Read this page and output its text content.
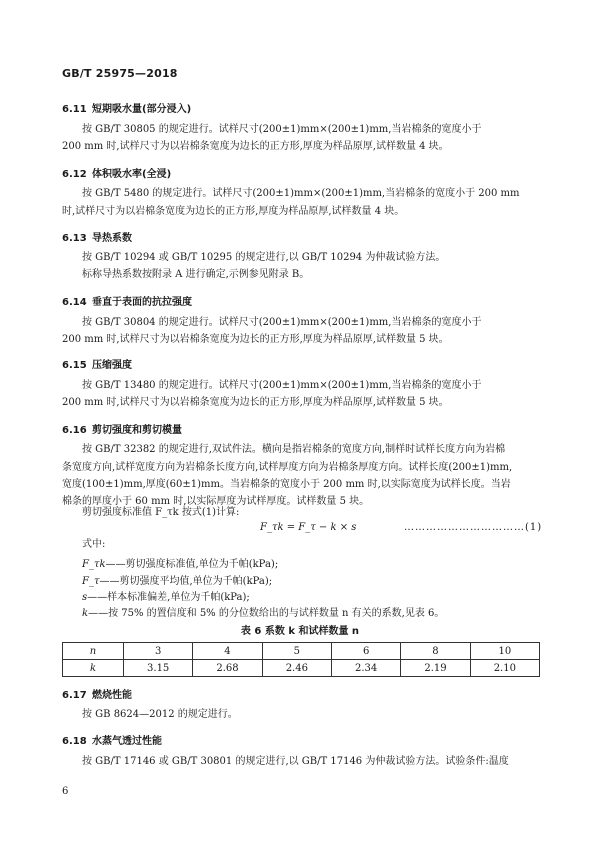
GB/T 25975—2018
6.11 短期吸水量(部分浸入)
按 GB/T 30805 的规定进行。试样尺寸(200±1)mm×(200±1)mm,当岩棉条的宽度小于
200 mm 时,试样尺寸为以岩棉条宽度为边长的正方形,厚度为样品原厚,试样数量 4 块。
6.12 体积吸水率(全浸)
按 GB/T 5480 的规定进行。试样尺寸(200±1)mm×(200±1)mm,当岩棉条的宽度小于 200 mm
时,试样尺寸为以岩棉条宽度为边长的正方形,厚度为样品原厚,试样数量 4 块。
6.13 导热系数
按 GB/T 10294 或 GB/T 10295 的规定进行,以 GB/T 10294 为仲裁试验方法。
标称导热系数按附录 A 进行确定,示例参见附录 B。
6.14 垂直于表面的抗拉强度
按 GB/T 30804 的规定进行。试样尺寸(200±1)mm×(200±1)mm,当岩棉条的宽度小于
200 mm 时,试样尺寸为以岩棉条宽度为边长的正方形,厚度为样品原厚,试样数量 5 块。
6.15 压缩强度
按 GB/T 13480 的规定进行。试样尺寸(200±1)mm×(200±1)mm,当岩棉条的宽度小于
200 mm 时,试样尺寸为以岩棉条宽度为边长的正方形,厚度为样品原厚,试样数量 5 块。
6.16 剪切强度和剪切模量
按 GB/T 32382 的规定进行,双试件法。横向是指岩棉条的宽度方向,制样时试样长度方向为岩棉
条宽度方向,试样宽度方向为岩棉条长度方向,试样厚度方向为岩棉条厚度方向。试样长度(200±1)mm,
宽度(100±1)mm,厚度(60±1)mm。当岩棉条的宽度小于 200 mm 时,以实际宽度为试样长度。当岩
棉条的厚度小于 60 mm 时,以实际厚度为试样厚度。试样数量 5 块。
剪切强度标准值 F_τk 按式(1)计算:
F_τk = F_τ − k × s	……………………………(1)
式中:
F_τk——剪切强度标准值,单位为千帕(kPa);
F_τ——剪切强度平均值,单位为千帕(kPa);
s——样本标准偏差,单位为千帕(kPa);
k——按 75% 的置信度和 5% 的分位数给出的与试样数量 n 有关的系数,见表 6。
表 6 系数 k 和试样数量 n
n	3	4	5	6	8	10
k	3.15	2.68	2.46	2.34	2.19	2.10
6.17 燃烧性能
按 GB 8624—2012 的规定进行。
6.18 水蒸气透过性能
按 GB/T 17146 或 GB/T 30801 的规定进行,以 GB/T 17146 为仲裁试验方法。试验条件:温度
6
